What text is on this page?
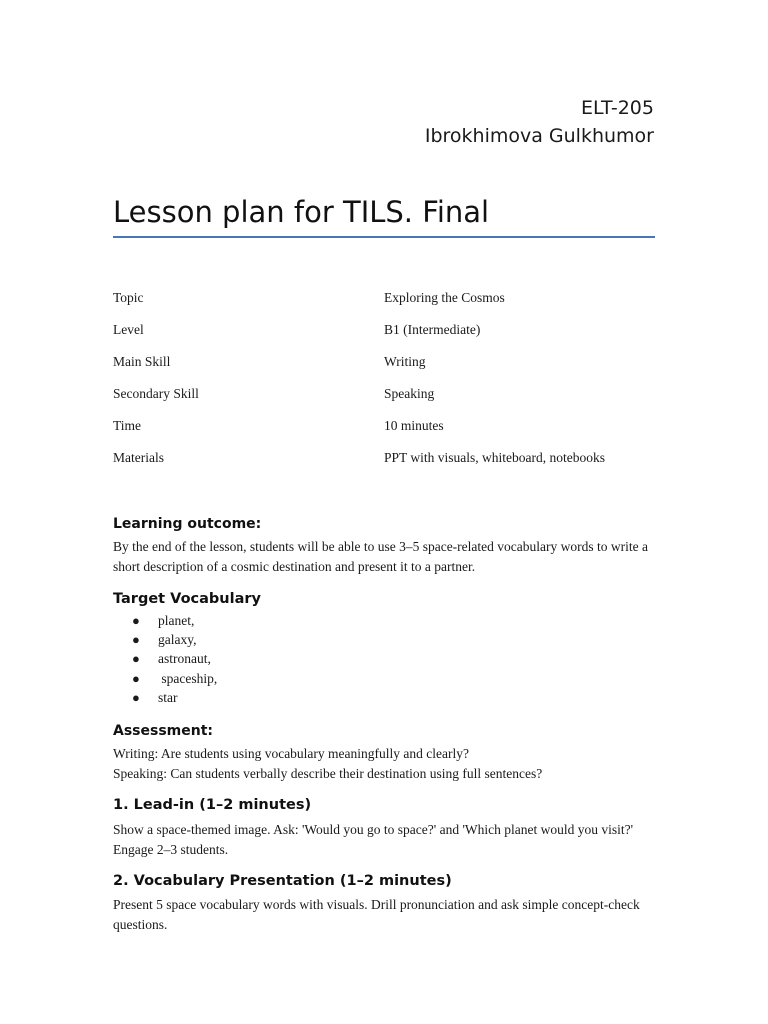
ELT-205
Ibrokhimova Gulkhumor
Lesson plan for TILS. Final
Topic	Exploring the Cosmos
Level	B1 (Intermediate)
Main Skill	Writing
Secondary Skill	Speaking
Time	10 minutes
Materials	PPT with visuals, whiteboard, notebooks
Learning outcome:
By the end of the lesson, students will be able to use 3–5 space-related vocabulary words to write a short description of a cosmic destination and present it to a partner.
Target Vocabulary
● planet,
● galaxy,
● astronaut,
● spaceship,
● star
Assessment:
Writing: Are students using vocabulary meaningfully and clearly?
Speaking: Can students verbally describe their destination using full sentences?
1. Lead-in (1–2 minutes)
Show a space-themed image. Ask: 'Would you go to space?' and 'Which planet would you visit?' Engage 2–3 students.
2. Vocabulary Presentation (1–2 minutes)
Present 5 space vocabulary words with visuals. Drill pronunciation and ask simple concept-check questions.
